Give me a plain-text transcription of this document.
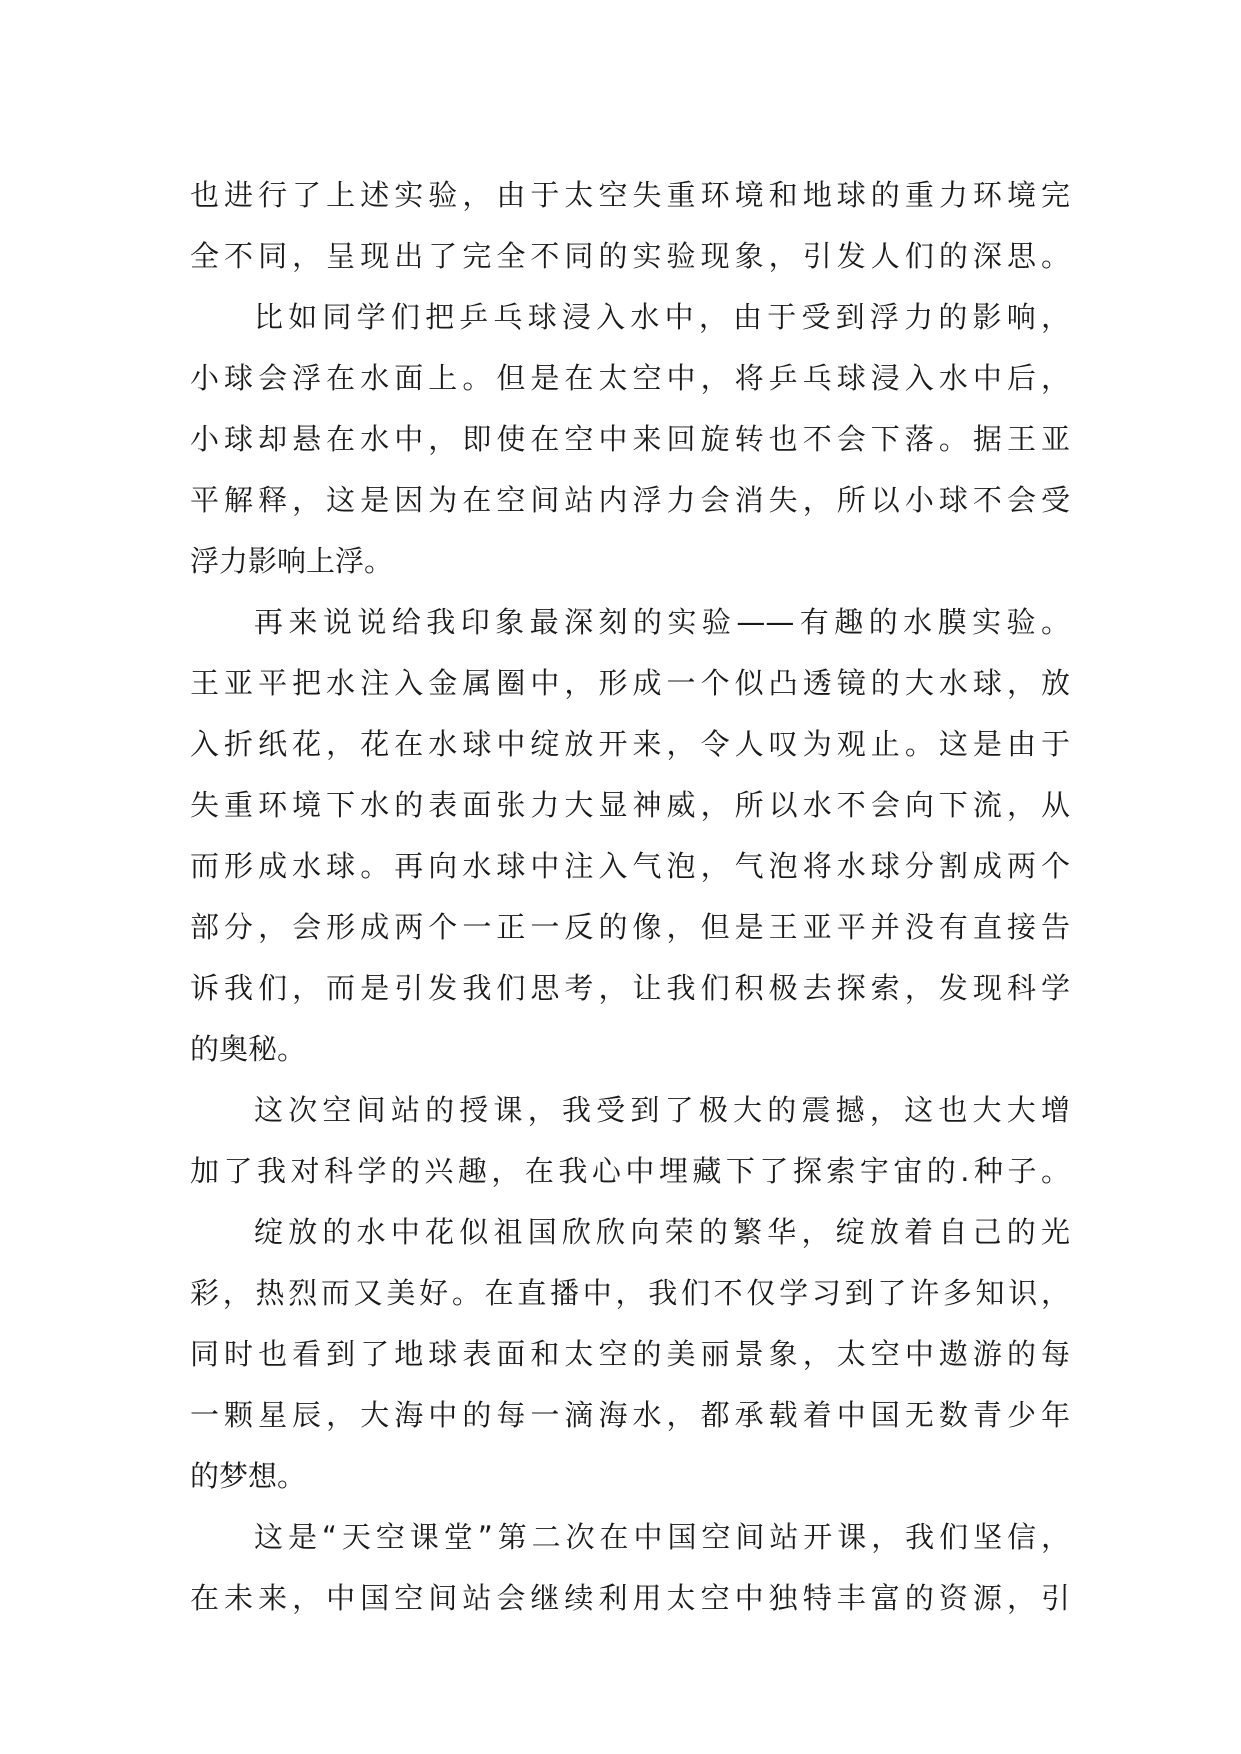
也进行了上述实验，由于太空失重环境和地球的重力环境完
全不同，呈现出了完全不同的实验现象，引发人们的深思。
比如同学们把乒乓球浸入水中，由于受到浮力的影响，
小球会浮在水面上。但是在太空中，将乒乓球浸入水中后，
小球却悬在水中，即使在空中来回旋转也不会下落。据王亚
平解释，这是因为在空间站内浮力会消失，所以小球不会受
浮力影响上浮。
再来说说给我印象最深刻的实验——有趣的水膜实验。
王亚平把水注入金属圈中，形成一个似凸透镜的大水球，放
入折纸花，花在水球中绽放开来，令人叹为观止。这是由于
失重环境下水的表面张力大显神威，所以水不会向下流，从
而形成水球。再向水球中注入气泡，气泡将水球分割成两个
部分，会形成两个一正一反的像，但是王亚平并没有直接告
诉我们，而是引发我们思考，让我们积极去探索，发现科学
的奥秘。
这次空间站的授课，我受到了极大的震撼，这也大大增
加了我对科学的兴趣，在我心中埋藏下了探索宇宙的.种子。
绽放的水中花似祖国欣欣向荣的繁华，绽放着自己的光
彩，热烈而又美好。在直播中，我们不仅学习到了许多知识，
同时也看到了地球表面和太空的美丽景象，太空中遨游的每
一颗星辰，大海中的每一滴海水，都承载着中国无数青少年
的梦想。
这是“天空课堂”第二次在中国空间站开课，我们坚信，
在未来，中国空间站会继续利用太空中独特丰富的资源，引
